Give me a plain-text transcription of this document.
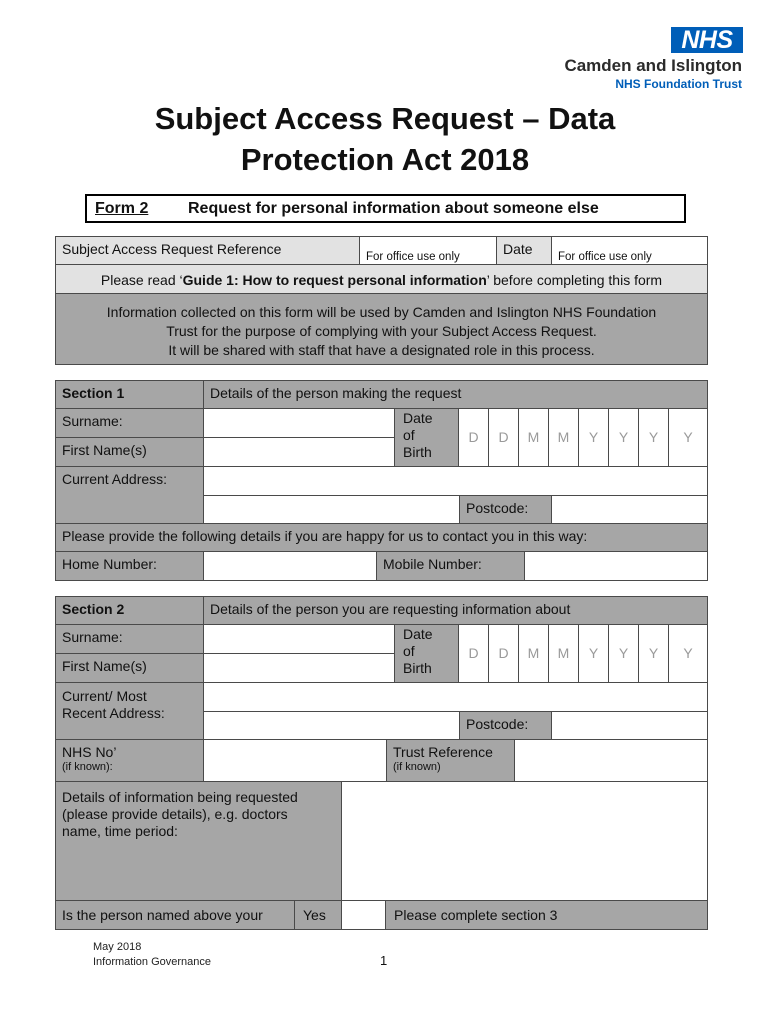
NHS
Camden and Islington
NHS Foundation Trust
Subject Access Request – Data
Protection Act 2018
Form 2 Request for personal information about someone else
Subject Access Request Reference	For office use only	Date	For office use only
Please read ‘Guide 1: How to request personal information’ before completing this form
Information collected on this form will be used by Camden and Islington NHS Foundation
Trust for the purpose of complying with your Subject Access Request.
It will be shared with staff that have a designated role in this process.
Section 1	Details of the person making the request
Surname:
First Name(s)
Date
of
Birth
D	D	M	M	Y	Y	Y	Y
Current Address:
Postcode:
Please provide the following details if you are happy for us to contact you in this way:
Home Number:	Mobile Number:
Section 2	Details of the person you are requesting information about
Surname:
First Name(s)
Date
of
Birth
D	D	M	M	Y	Y	Y	Y
Current/ Most
Recent Address:
Postcode:
NHS No’
(if known):
Trust Reference
(if known)
Details of information being requested
(please provide details), e.g. doctors
name, time period:
Is the person named above your	Yes	Please complete section 3
May 2018
Information Governance	1
